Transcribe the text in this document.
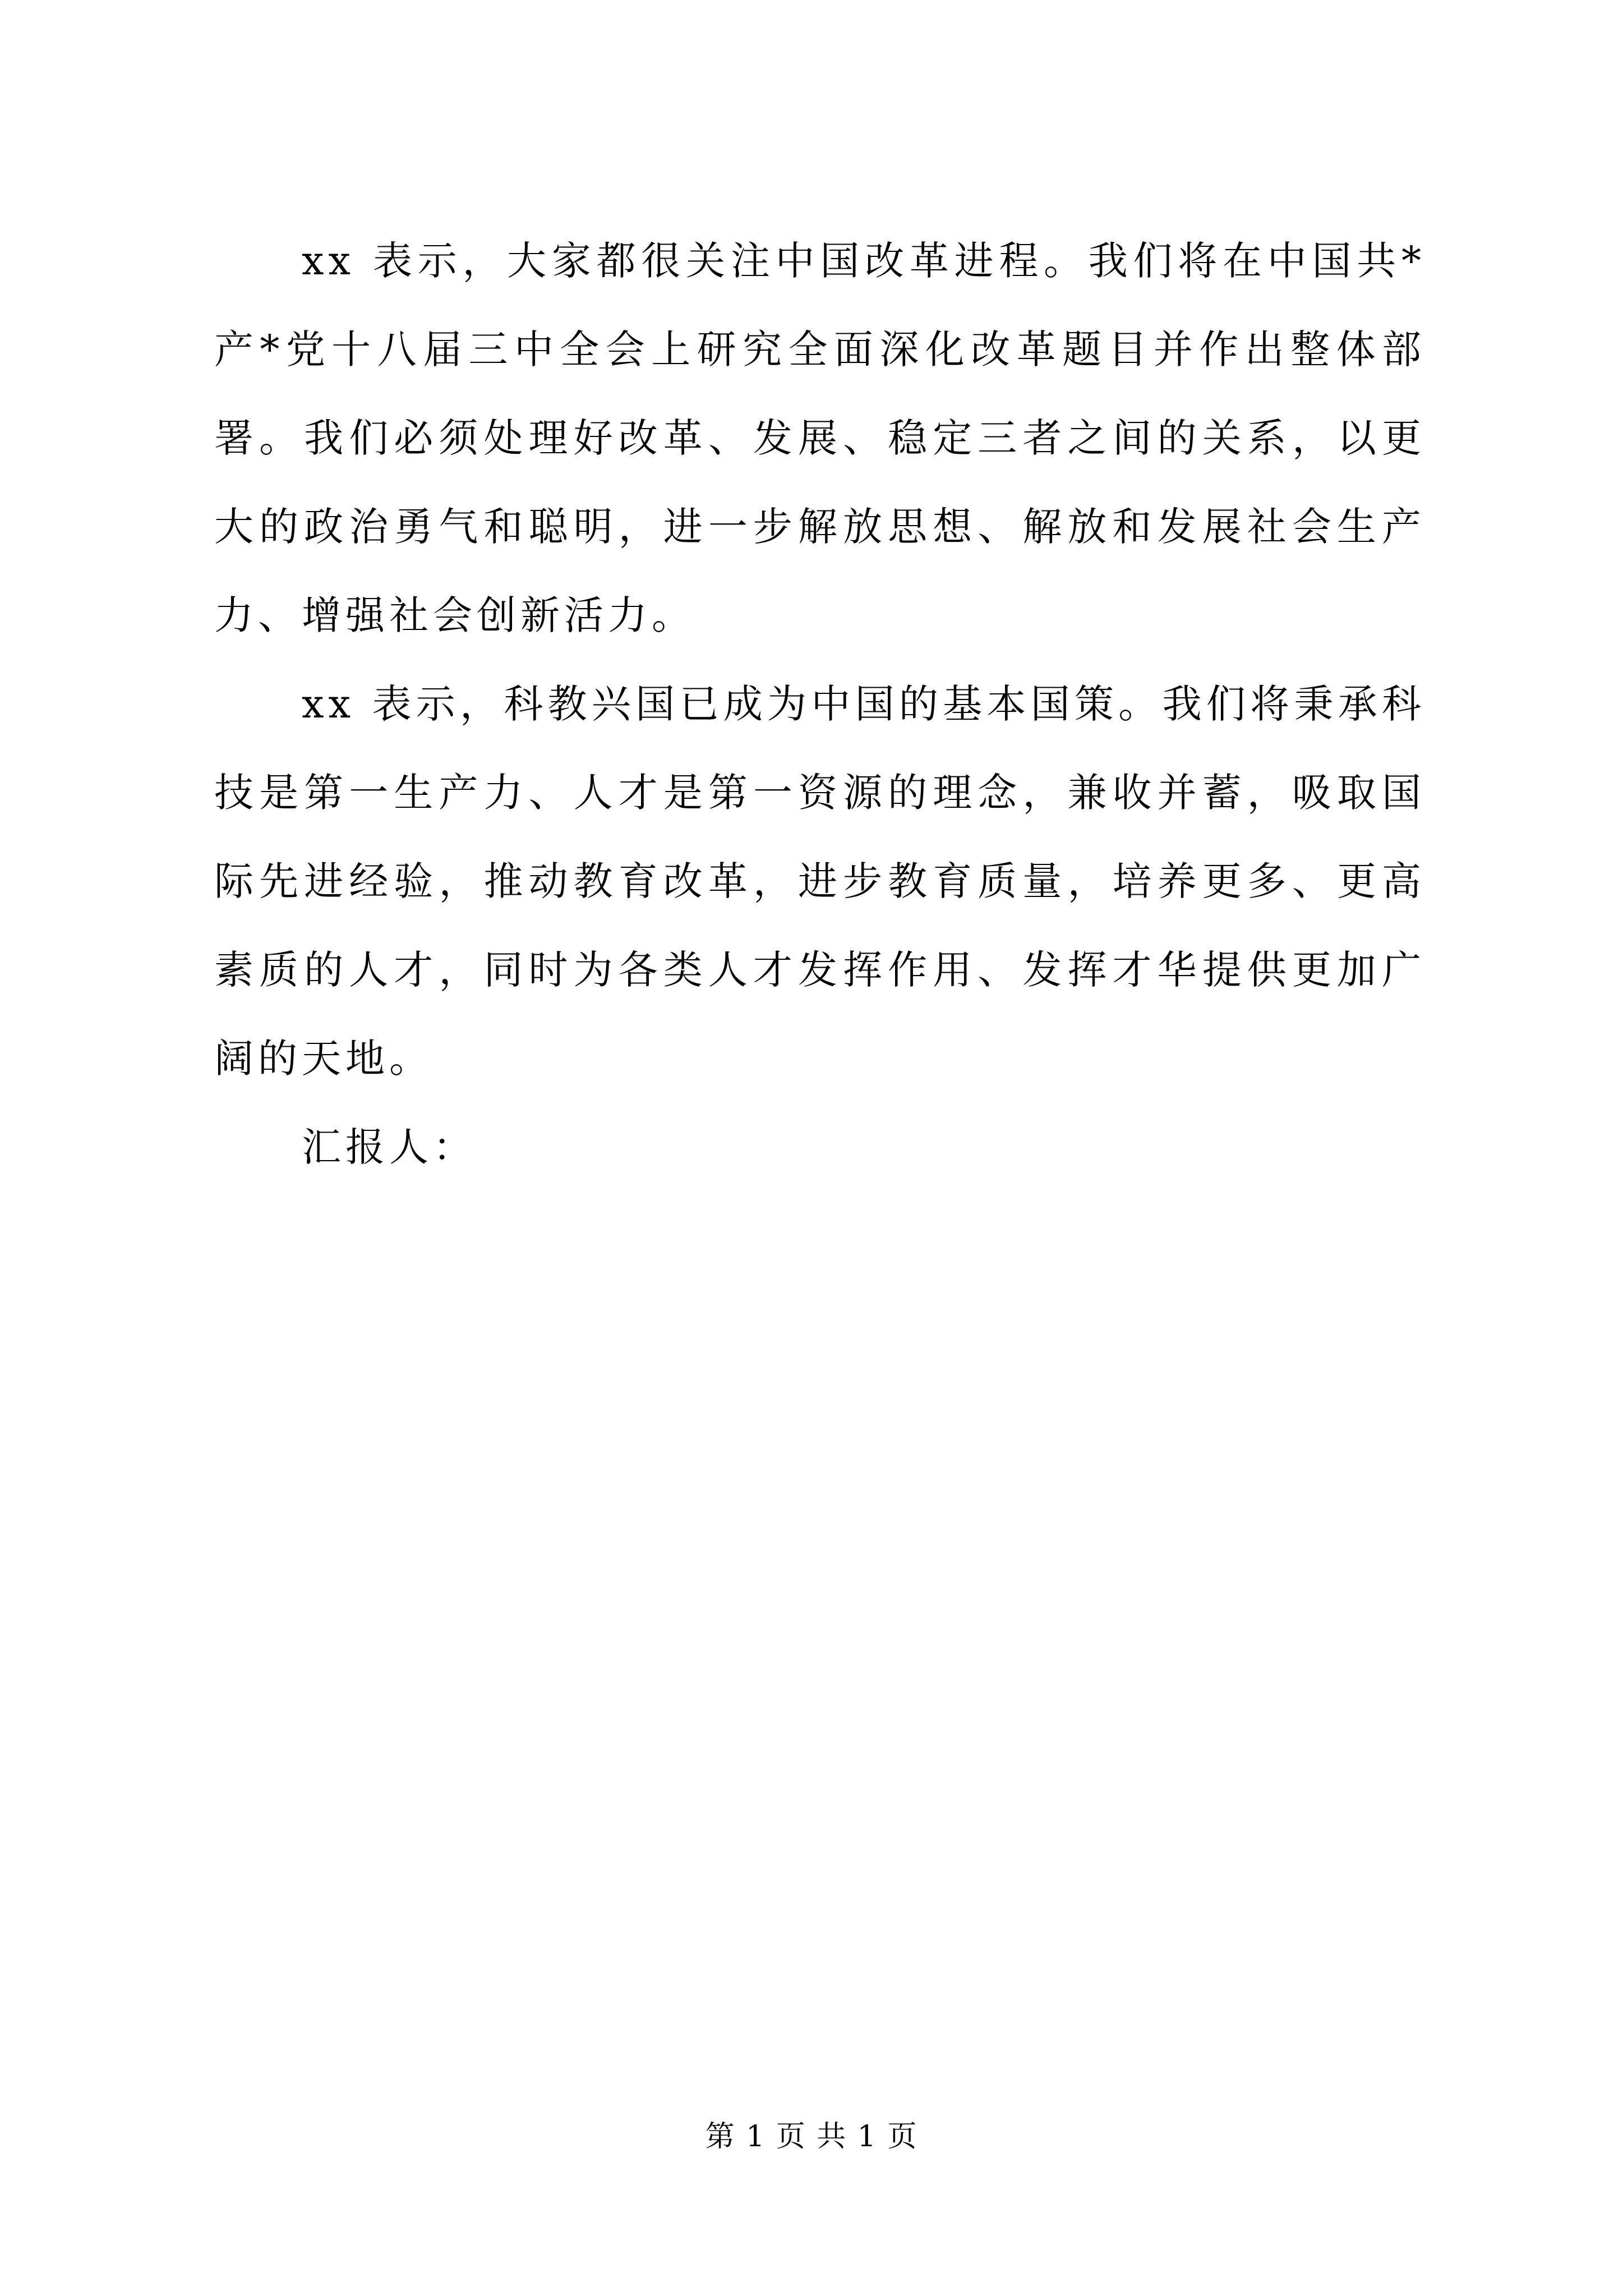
xx 表示，大家都很关注中国改革进程。我们将在中国共*产*党十八届三中全会上研究全面深化改革题目并作出整体部署。我们必须处理好改革、发展、稳定三者之间的关系，以更大的政治勇气和聪明，进一步解放思想、解放和发展社会生产力、增强社会创新活力。

xx 表示，科教兴国已成为中国的基本国策。我们将秉承科技是第一生产力、人才是第一资源的理念，兼收并蓄，吸取国际先进经验，推动教育改革，进步教育质量，培养更多、更高素质的人才，同时为各类人才发挥作用、发挥才华提供更加广阔的天地。

汇报人：

第 1 页 共 1 页
